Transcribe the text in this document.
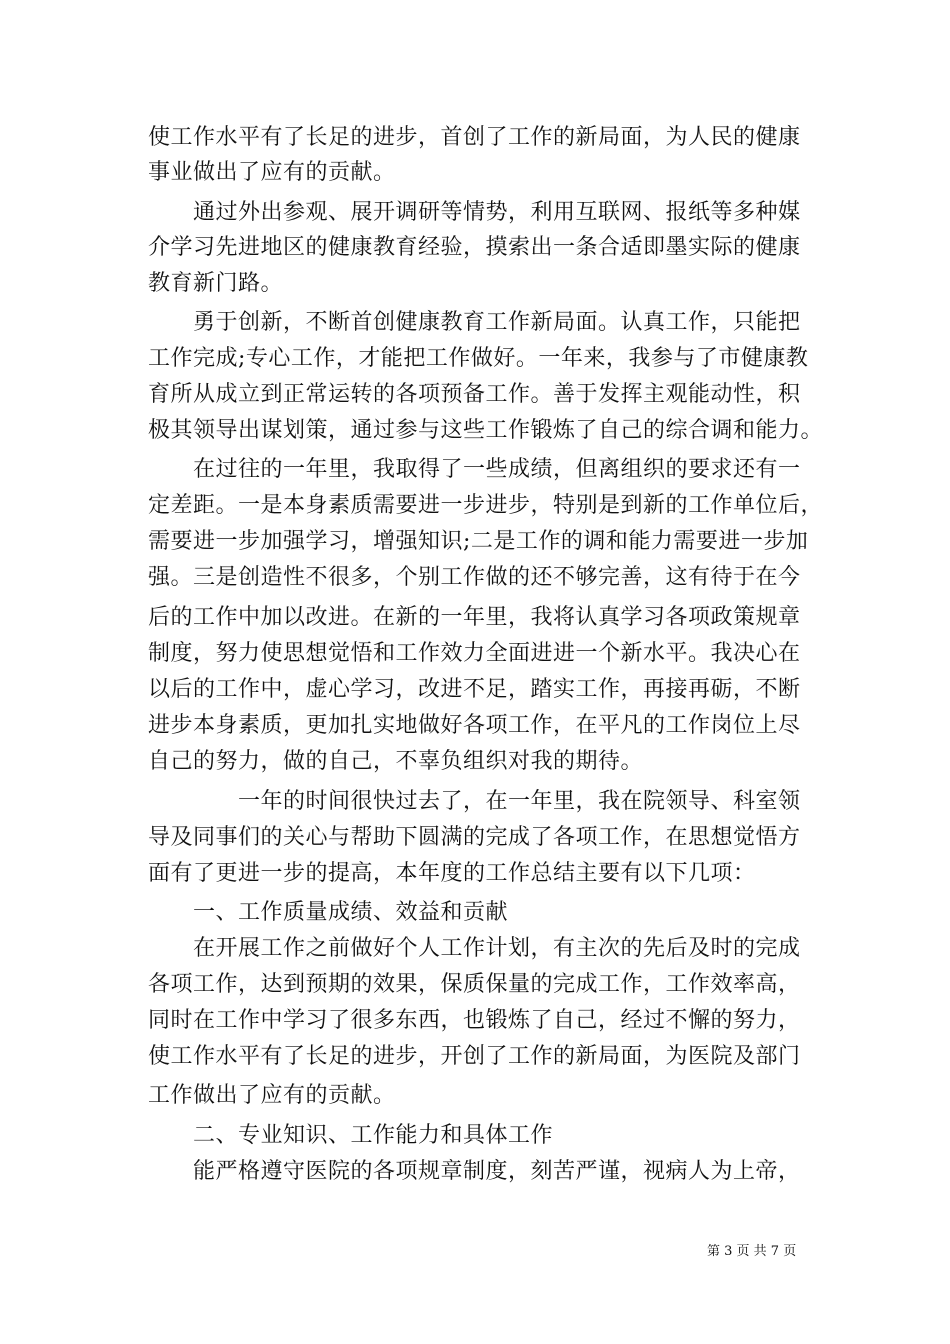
使工作水平有了长足的进步，首创了工作的新局面，为人民的健康
事业做出了应有的贡献。
　　通过外出参观、展开调研等情势，利用互联网、报纸等多种媒
介学习先进地区的健康教育经验，摸索出一条合适即墨实际的健康
教育新门路。
　　勇于创新，不断首创健康教育工作新局面。认真工作，只能把
工作完成;专心工作，才能把工作做好。一年来，我参与了市健康教
育所从成立到正常运转的各项预备工作。善于发挥主观能动性，积
极其领导出谋划策，通过参与这些工作锻炼了自己的综合调和能力。
　　在过往的一年里，我取得了一些成绩，但离组织的要求还有一
定差距。一是本身素质需要进一步进步，特别是到新的工作单位后，
需要进一步加强学习，增强知识;二是工作的调和能力需要进一步加
强。三是创造性不很多，个别工作做的还不够完善，这有待于在今
后的工作中加以改进。在新的一年里，我将认真学习各项政策规章
制度，努力使思想觉悟和工作效力全面进进一个新水平。我决心在
以后的工作中，虚心学习，改进不足，踏实工作，再接再砺，不断
进步本身素质，更加扎实地做好各项工作，在平凡的工作岗位上尽
自己的努力，做的自己，不辜负组织对我的期待。
　　　　一年的时间很快过去了，在一年里，我在院领导、科室领
导及同事们的关心与帮助下圆满的完成了各项工作，在思想觉悟方
面有了更进一步的提高，本年度的工作总结主要有以下几项：
　　一、工作质量成绩、效益和贡献
　　在开展工作之前做好个人工作计划，有主次的先后及时的完成
各项工作，达到预期的效果，保质保量的完成工作，工作效率高，
同时在工作中学习了很多东西，也锻炼了自己，经过不懈的努力，
使工作水平有了长足的进步，开创了工作的新局面，为医院及部门
工作做出了应有的贡献。
　　二、专业知识、工作能力和具体工作
　　能严格遵守医院的各项规章制度，刻苦严谨，视病人为上帝，
第 3 页 共 7 页
